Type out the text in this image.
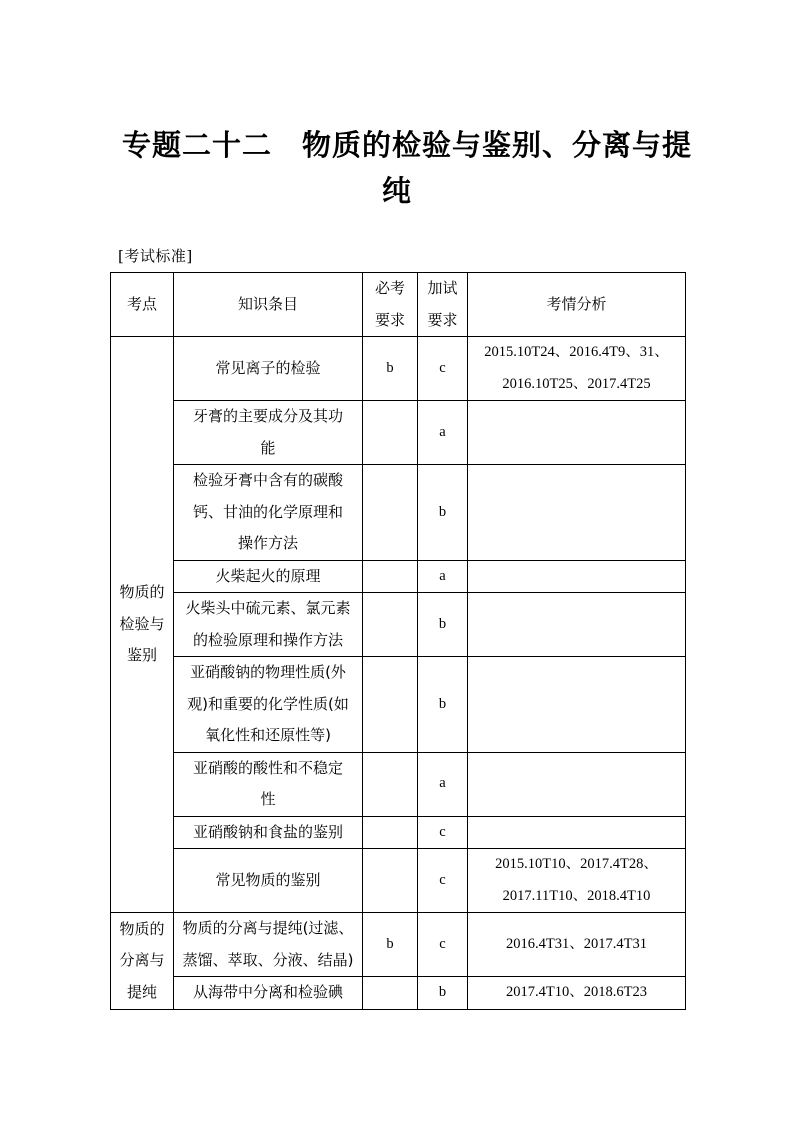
专题二十二　物质的检验与鉴别、分离与提
纯
[考试标准]
考点	知识条目	必考要求	加试要求	考情分析
物质的检验与鉴别	常见离子的检验	b	c	2015.10T24、2016.4T9、31、2016.10T25、2017.4T25
	牙膏的主要成分及其功能		a	
	检验牙膏中含有的碳酸钙、甘油的化学原理和操作方法		b	
	火柴起火的原理		a	
	火柴头中硫元素、氯元素的检验原理和操作方法		b	
	亚硝酸钠的物理性质(外观)和重要的化学性质(如氧化性和还原性等)		b	
	亚硝酸的酸性和不稳定性		a	
	亚硝酸钠和食盐的鉴别		c	
	常见物质的鉴别		c	2015.10T10、2017.4T28、2017.11T10、2018.4T10
物质的分离与提纯	物质的分离与提纯(过滤、蒸馏、萃取、分液、结晶)	b	c	2016.4T31、2017.4T31
	从海带中分离和检验碘		b	2017.4T10、2018.6T23
